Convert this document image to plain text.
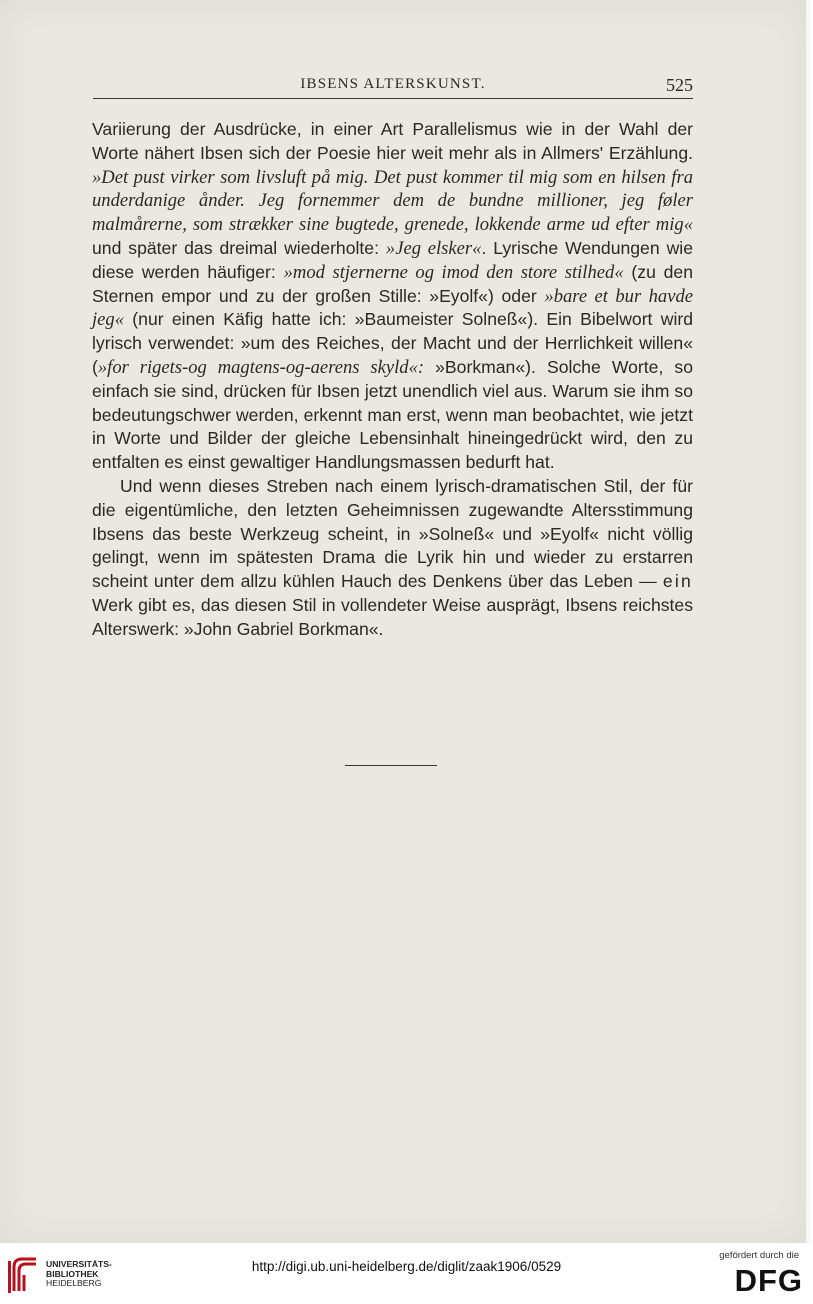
IBSENS ALTERSKUNST.	525

Variierung der Ausdrücke, in einer Art Parallelismus wie in der Wahl der Worte nähert Ibsen sich der Poesie hier weit mehr als in Allmers' Erzählung. »Det pust virker som livsluft på mig. Det pust kommer til mig som en hilsen fra underdanige ånder. Jeg fornemmer dem de bundne millioner, jeg føler malmårerne, som strækker sine bugtede, grenede, lokkende arme ud efter mig« und später das dreimal wiederholte: »Jeg elsker«. Lyrische Wendungen wie diese werden häufiger: »mod stjernerne og imod den store stilhed« (zu den Sternen empor und zu der großen Stille: »Eyolf«) oder »bare et bur havde jeg« (nur einen Käfig hatte ich: »Baumeister Solneß«). Ein Bibelwort wird lyrisch verwendet: »um des Reiches, der Macht und der Herrlichkeit willen« (»for rigets-og magtens-og-aerens skyld«: »Borkman«). Solche Worte, so einfach sie sind, drücken für Ibsen jetzt unendlich viel aus. Warum sie ihm so bedeutungschwer werden, erkennt man erst, wenn man beobachtet, wie jetzt in Worte und Bilder der gleiche Lebensinhalt hineingedrückt wird, den zu entfalten es einst gewaltiger Handlungsmassen bedurft hat.

Und wenn dieses Streben nach einem lyrisch-dramatischen Stil, der für die eigentümliche, den letzten Geheimnissen zugewandte Altersstimmung Ibsens das beste Werkzeug scheint, in »Solneß« und »Eyolf« nicht völlig gelingt, wenn im spätesten Drama die Lyrik hin und wieder zu erstarren scheint unter dem allzu kühlen Hauch des Denkens über das Leben — ein Werk gibt es, das diesen Stil in vollendeter Weise ausprägt, Ibsens reichstes Alterswerk: »John Gabriel Borkman«.

UNIVERSITÄTS-
BIBLIOTHEK
HEIDELBERG
http://digi.ub.uni-heidelberg.de/diglit/zaak1906/0529
gefördert durch die
DFG
